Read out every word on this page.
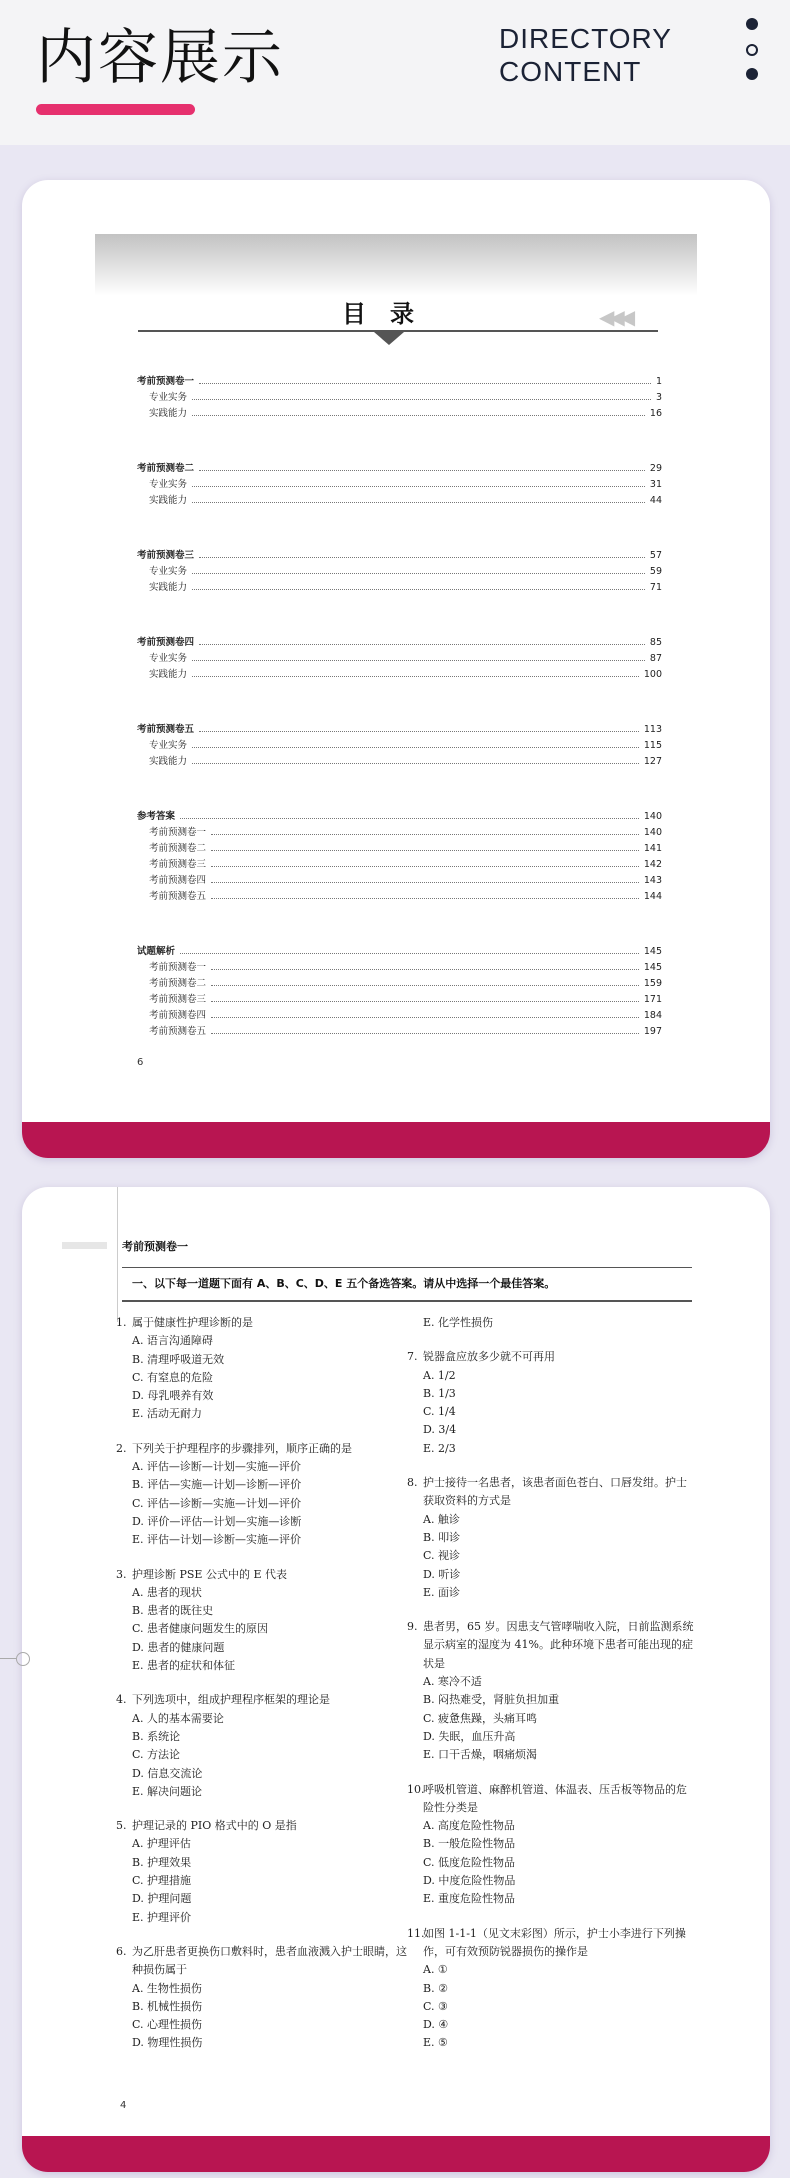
内容展示	DIRECTORY
CONTENT
目录	◀◀◀
考前预测卷一	1
专业实务	3
实践能力	16
考前预测卷二	29
专业实务	31
实践能力	44
考前预测卷三	57
专业实务	59
实践能力	71
考前预测卷四	85
专业实务	87
实践能力	100
考前预测卷五	113
专业实务	115
实践能力	127
参考答案	140
考前预测卷一	140
考前预测卷二	141
考前预测卷三	142
考前预测卷四	143
考前预测卷五	144
试题解析	145
考前预测卷一	145
考前预测卷二	159
考前预测卷三	171
考前预测卷四	184
考前预测卷五	197
6
考前预测卷一
一、以下每一道题下面有 A、B、C、D、E 五个备选答案。请从中选择一个最佳答案。
1. 属于健康性护理诊断的是
A. 语言沟通障碍
B. 清理呼吸道无效
C. 有窒息的危险
D. 母乳喂养有效
E. 活动无耐力
2. 下列关于护理程序的步骤排列，顺序正确的是
A. 评估—诊断—计划—实施—评价
B. 评估—实施—计划—诊断—评价
C. 评估—诊断—实施—计划—评价
D. 评价—评估—计划—实施—诊断
E. 评估—计划—诊断—实施—评价
3. 护理诊断 PSE 公式中的 E 代表
A. 患者的现状
B. 患者的既往史
C. 患者健康问题发生的原因
D. 患者的健康问题
E. 患者的症状和体征
4. 下列选项中，组成护理程序框架的理论是
A. 人的基本需要论
B. 系统论
C. 方法论
D. 信息交流论
E. 解决问题论
5. 护理记录的 PIO 格式中的 O 是指
A. 护理评估
B. 护理效果
C. 护理措施
D. 护理问题
E. 护理评价
6. 为乙肝患者更换伤口敷料时，患者血液溅入护士眼睛，这种损伤属于
A. 生物性损伤
B. 机械性损伤
C. 心理性损伤
D. 物理性损伤
E. 化学性损伤
7. 锐器盒应放多少就不可再用
A. 1/2
B. 1/3
C. 1/4
D. 3/4
E. 2/3
8. 护士接待一名患者，该患者面色苍白、口唇发绀。护士获取资料的方式是
A. 触诊
B. 叩诊
C. 视诊
D. 听诊
E. 面诊
9. 患者男，65 岁。因患支气管哮喘收入院，日前监测系统显示病室的湿度为 41%。此种环境下患者可能出现的症状是
A. 寒冷不适
B. 闷热难受，肾脏负担加重
C. 疲惫焦躁，头痛耳鸣
D. 失眠，血压升高
E. 口干舌燥，咽痛烦渴
10.
呼吸机管道、麻醉机管道、体温表、压舌板等物品的危险性分类是
A. 高度危险性物品
B. 一般危险性物品
C. 低度危险性物品
D. 中度危险性物品
E. 重度危险性物品
11.
如图 1-1-1（见文末彩图）所示，护士小李进行下列操作，可有效预防锐器损伤的操作是
A. ①
B. ②
C. ③
D. ④
E. ⑤
4
